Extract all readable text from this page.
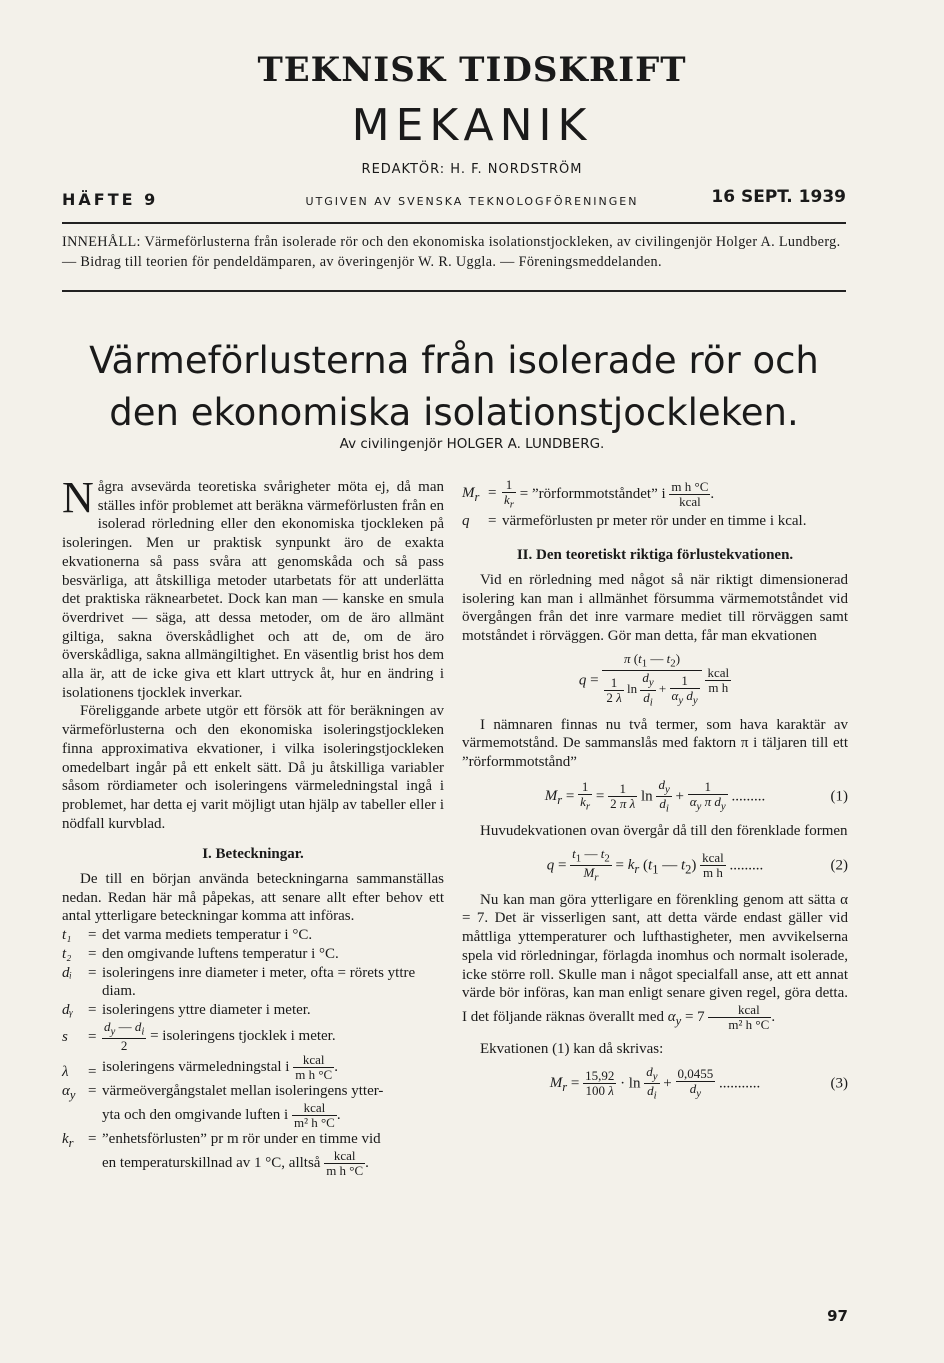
TEKNISK TIDSKRIFT
MEKANIK
REDAKTÖR: H. F. NORDSTRÖM
HÄFTE 9	UTGIVEN AV SVENSKA TEKNOLOGFÖRENINGEN	16 SEPT. 1939
INNEHÅLL: Värmeförlusterna från isolerade rör och den ekonomiska isolationstjockleken, av civilingenjör Holger A. Lundberg. — Bidrag till teorien för pendeldämparen, av överingenjör W. R. Uggla. — Föreningsmeddelanden.
Värmeförlusterna från isolerade rör och den ekonomiska isolationstjockleken.
Av civilingenjör HOLGER A. LUNDBERG.

Några avsevärda teoretiska svårigheter möta ej, då man ställes inför problemet att beräkna värmeförlusten från en isolerad rörledning eller den ekonomiska tjockleken på isoleringen. Men ur praktisk synpunkt äro de exakta ekvationerna så pass svåra att genomskåda och så pass besvärliga, att åtskilliga metoder utarbetats för att underlätta det praktiska räknearbetet. Dock kan man — kanske en smula överdrivet — säga, att dessa metoder, om de äro allmänt giltiga, sakna överskådlighet och att de, om de äro överskådliga, sakna allmängiltighet. En väsentlig brist hos dem alla är, att de icke giva ett klart uttryck åt, hur en ändring i isolationens tjocklek inverkar.

Föreliggande arbete utgör ett försök att för beräkningen av värmeförlusterna och den ekonomiska isoleringstjockleken finna approximativa ekvationer, i vilka isoleringstjockleken omedelbart ingår på ett enkelt sätt. Då ju åtskilliga variabler såsom rördiameter och isoleringens värmeledningstal ingå i problemet, har detta ej varit möjligt utan hjälp av tabeller eller i nödfall kurvblad.

I. Beteckningar.

De till en början använda beteckningarna sammanställas nedan. Redan här må påpekas, att senare allt efter behov ett antal ytterligare beteckningar komma att införas.

t₁	= det varma mediets temperatur i °C.
t₂	= den omgivande luftens temperatur i °C.
dᵢ	= isoleringens inre diameter i meter, ofta = rörets yttre diam.
dᵧ	= isoleringens yttre diameter i meter.
s	= $\frac{d_y — d_i}{2}$ = isoleringens tjocklek i meter.
λ	= isoleringens värmeledningstal i $\frac{\text{kcal}}{\text{m h °C}}$ .
$\alpha_y$ = värmeövergångstalet mellan isoleringens ytter-
yta och den omgivande luften i $\frac{\text{kcal}}{\text{m² h °C}}$ .
$k_r$ = ”enhetsförlusten” pr m rör under en timme vid
en temperaturskillnad av 1 °C, alltså $\frac{\text{kcal}}{\text{m h °C}}$ .
$M_r = \frac{1}{k_r}$ = ”rörformmotståndet” i $\frac{\text{m h °C}}{\text{kcal}}$ .
q	= värmeförlusten pr meter rör under en timme i kcal.

II. Den teoretiskt riktiga förlustekvationen.

Vid en rörledning med något så när riktigt dimensionerad isolering kan man i allmänhet försumma värmemotståndet vid övergången från det inre varmare mediet till rörväggen samt motståndet i rörväggen. Gör man detta, får man ekvationen

$q = \frac{\pi (t_1 — t_2)}{\frac{1}{2 \lambda} \ln \frac{d_y}{d_i} + \frac{1}{\alpha_y d_y}}$
$\frac{\text{kcal}}{\text{m h}}$

I nämnaren finnas nu två termer, som hava karaktär av värmemotstånd. De sammanslås med faktorn π i täljaren till ett ”rörformmotstånd”

$M_r = \frac{1}{k_r} = \frac{1}{\text{2 π λ}}$ $\ln \frac{d_y}{d_i} + \frac{1}{\alpha_y \pi d_y}$ .........	(1)

Huvudekvationen ovan övergår då till den förenklade formen

$q = \frac{t_1 — t_2}{M_r} = k_r$ ($t_1$ — $t_2) \frac{\text{kcal}}{\text{m h}}$ .........	(2)

Nu kan man göra ytterligare en förenkling genom att sätta α = 7. Det är visserligen sant, att detta värde endast gäller vid måttliga yttemperaturer och lufthastigheter, men avvikelserna spela vid rörledningar, förlagda inomhus och normalt isolerade, icke större roll. Skulle man i något specialfall anse, att ett annat värde bör införas, kan man enligt senare given regel, göra detta. I det följande räknas överallt med $\alpha_y = 7 \frac{\text{kcal}}{\text{m² h °C}}$ .

Ekvationen (1) kan då skrivas:

$M_r = \frac{15,92}{100 \lambda} \cdot \ln \frac{d_y}{d_i} + \frac{0,0455}{d_y}$ ...........	(3)
97
